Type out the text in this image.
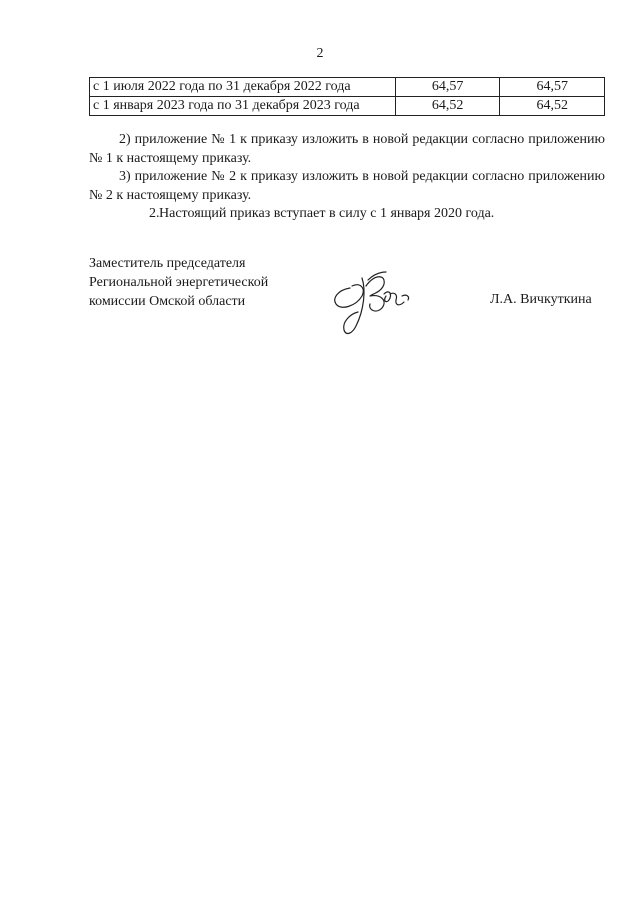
2
с 1 июля 2022 года по 31 декабря 2022 года	64,57	64,57
с 1 января 2023 года по 31 декабря 2023 года	64,52	64,52
2) приложение № 1 к приказу изложить в новой редакции согласно приложению № 1 к настоящему приказу.
3) приложение № 2 к приказу изложить в новой редакции согласно приложению № 2 к настоящему приказу.
2.Настоящий приказ вступает в силу с 1 января 2020 года.
Заместитель председателя
Региональной энергетической
комиссии Омской области	Л.А. Вичкуткина
